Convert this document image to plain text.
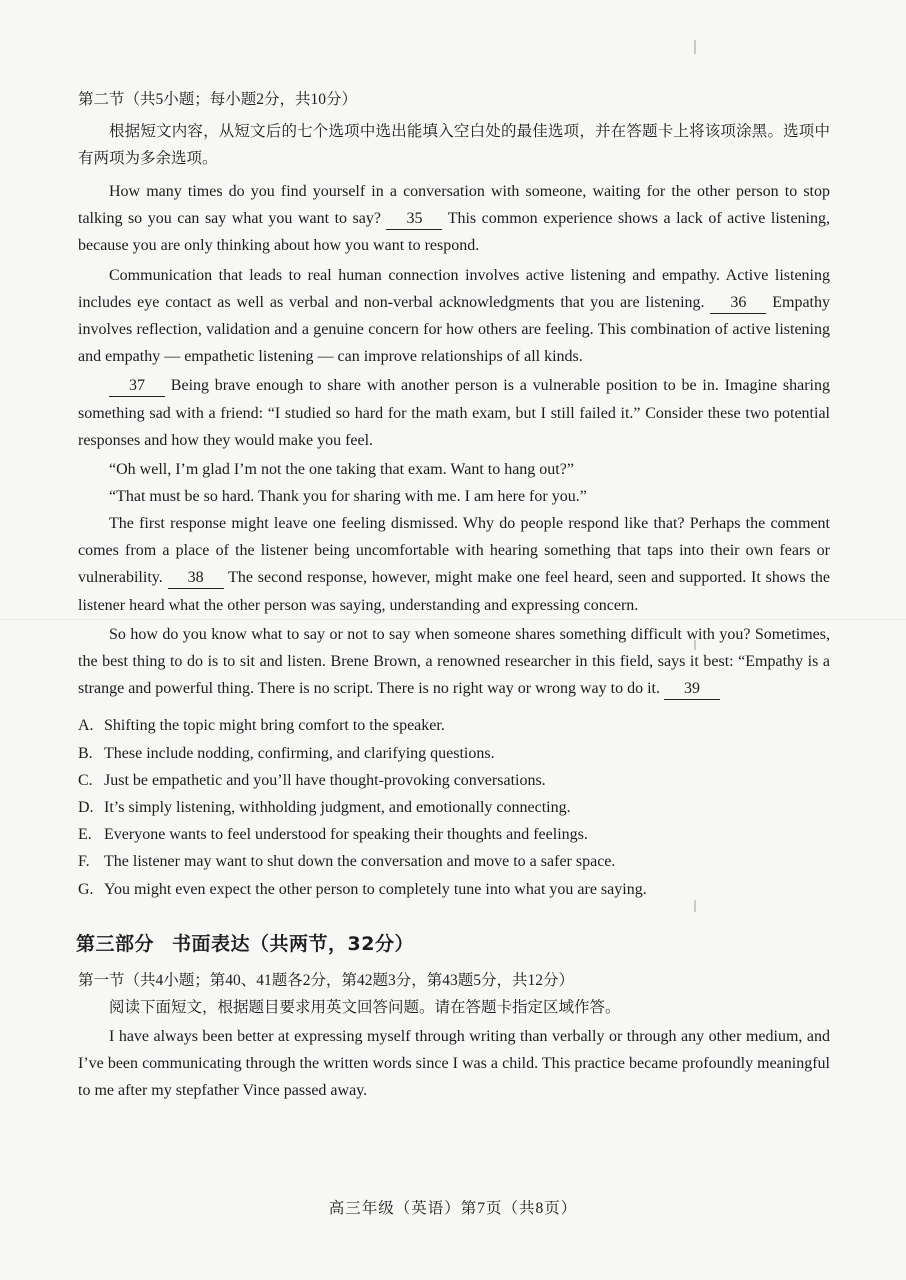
第二节（共5小题；每小题2分，共10分）

根据短文内容，从短文后的七个选项中选出能填入空白处的最佳选项，并在答题卡上将该项涂黑。选项中有两项为多余选项。

How many times do you find yourself in a conversation with someone, waiting for the other person to stop talking so you can say what you want to say? 35 This common experience shows a lack of active listening, because you are only thinking about how you want to respond.

Communication that leads to real human connection involves active listening and empathy. Active listening includes eye contact as well as verbal and non-verbal acknowledgments that you are listening. 36 Empathy involves reflection, validation and a genuine concern for how others are feeling. This combination of active listening and empathy — empathetic listening — can improve relationships of all kinds.

37 Being brave enough to share with another person is a vulnerable position to be in. Imagine sharing something sad with a friend: “I studied so hard for the math exam, but I still failed it.” Consider these two potential responses and how they would make you feel.

“Oh well, I’m glad I’m not the one taking that exam. Want to hang out?”

“That must be so hard. Thank you for sharing with me. I am here for you.”

The first response might leave one feeling dismissed. Why do people respond like that? Perhaps the comment comes from a place of the listener being uncomfortable with hearing something that taps into their own fears or vulnerability. 38 The second response, however, might make one feel heard, seen and supported. It shows the listener heard what the other person was saying, understanding and expressing concern.

So how do you know what to say or not to say when someone shares something difficult with you? Sometimes, the best thing to do is to sit and listen. Brene Brown, a renowned researcher in this field, says it best: “Empathy is a strange and powerful thing. There is no script. There is no right way or wrong way to do it. 39

A. Shifting the topic might bring comfort to the speaker.

B. These include nodding, confirming, and clarifying questions.

C. Just be empathetic and you’ll have thought-provoking conversations.

D. It’s simply listening, withholding judgment, and emotionally connecting.

E. Everyone wants to feel understood for speaking their thoughts and feelings.

F. The listener may want to shut down the conversation and move to a safer space.

G. You might even expect the other person to completely tune into what you are saying.

第三部分 书面表达（共两节，32分）

第一节（共4小题；第40、41题各2分，第42题3分，第43题5分，共12分）

阅读下面短文，根据题目要求用英文回答问题。请在答题卡指定区域作答。

I have always been better at expressing myself through writing than verbally or through any other medium, and I’ve been communicating through the written words since I was a child. This practice became profoundly meaningful to me after my stepfather Vince passed away.

高三年级（英语）第7页（共8页）
